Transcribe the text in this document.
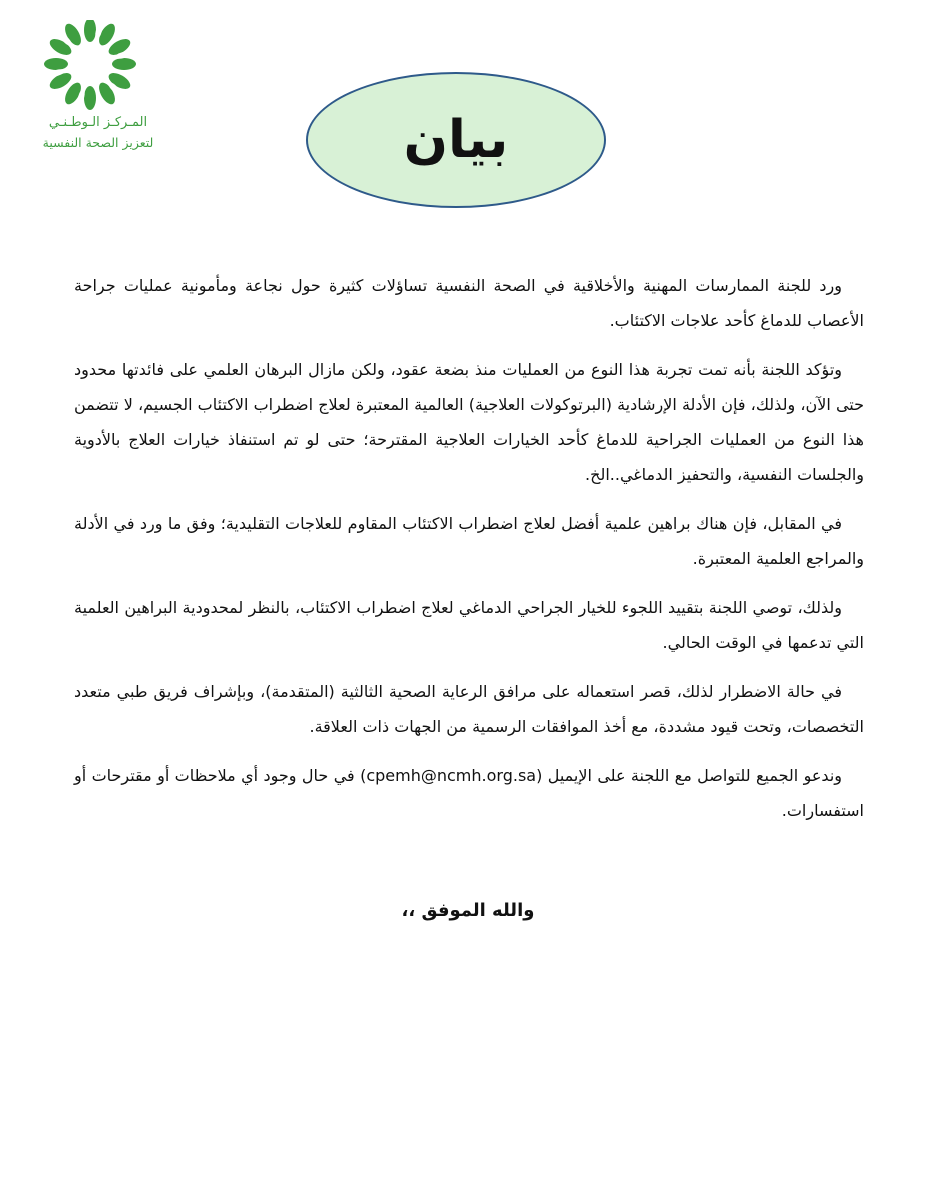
المـركـز الـوطـنـي
لتعزيز الصحة النفسية	بيان

ورد للجنة الممارسات المهنية والأخلاقية في الصحة النفسية تساؤلات كثيرة حول نجاعة ومأمونية عمليات جراحة الأعصاب للدماغ كأحد علاجات الاكتئاب.

وتؤكد اللجنة بأنه تمت تجربة هذا النوع من العمليات منذ بضعة عقود، ولكن مازال البرهان العلمي على فائدتها محدود حتى الآن، ولذلك، فإن الأدلة الإرشادية (البرتوكولات العلاجية) العالمية المعتبرة لعلاج اضطراب الاكتئاب الجسيم، لا تتضمن هذا النوع من العمليات الجراحية للدماغ كأحد الخيارات العلاجية المقترحة؛ حتى لو تم استنفاذ خيارات العلاج بالأدوية والجلسات النفسية، والتحفيز الدماغي..الخ.

في المقابل، فإن هناك براهين علمية أفضل لعلاج اضطراب الاكتئاب المقاوم للعلاجات التقليدية؛ وفق ما ورد في الأدلة والمراجع العلمية المعتبرة.

ولذلك، توصي اللجنة بتقييد اللجوء للخيار الجراحي الدماغي لعلاج اضطراب الاكتئاب، بالنظر لمحدودية البراهين العلمية التي تدعمها في الوقت الحالي.

في حالة الاضطرار لذلك، قصر استعماله على مرافق الرعاية الصحية الثالثية (المتقدمة)، وبإشراف فريق طبي متعدد التخصصات، وتحت قيود مشددة، مع أخذ الموافقات الرسمية من الجهات ذات العلاقة.

وندعو الجميع للتواصل مع اللجنة على الإيميل (cpemh@ncmh.org.sa) في حال وجود أي ملاحظات أو مقترحات أو استفسارات.

والله الموفق ،،
